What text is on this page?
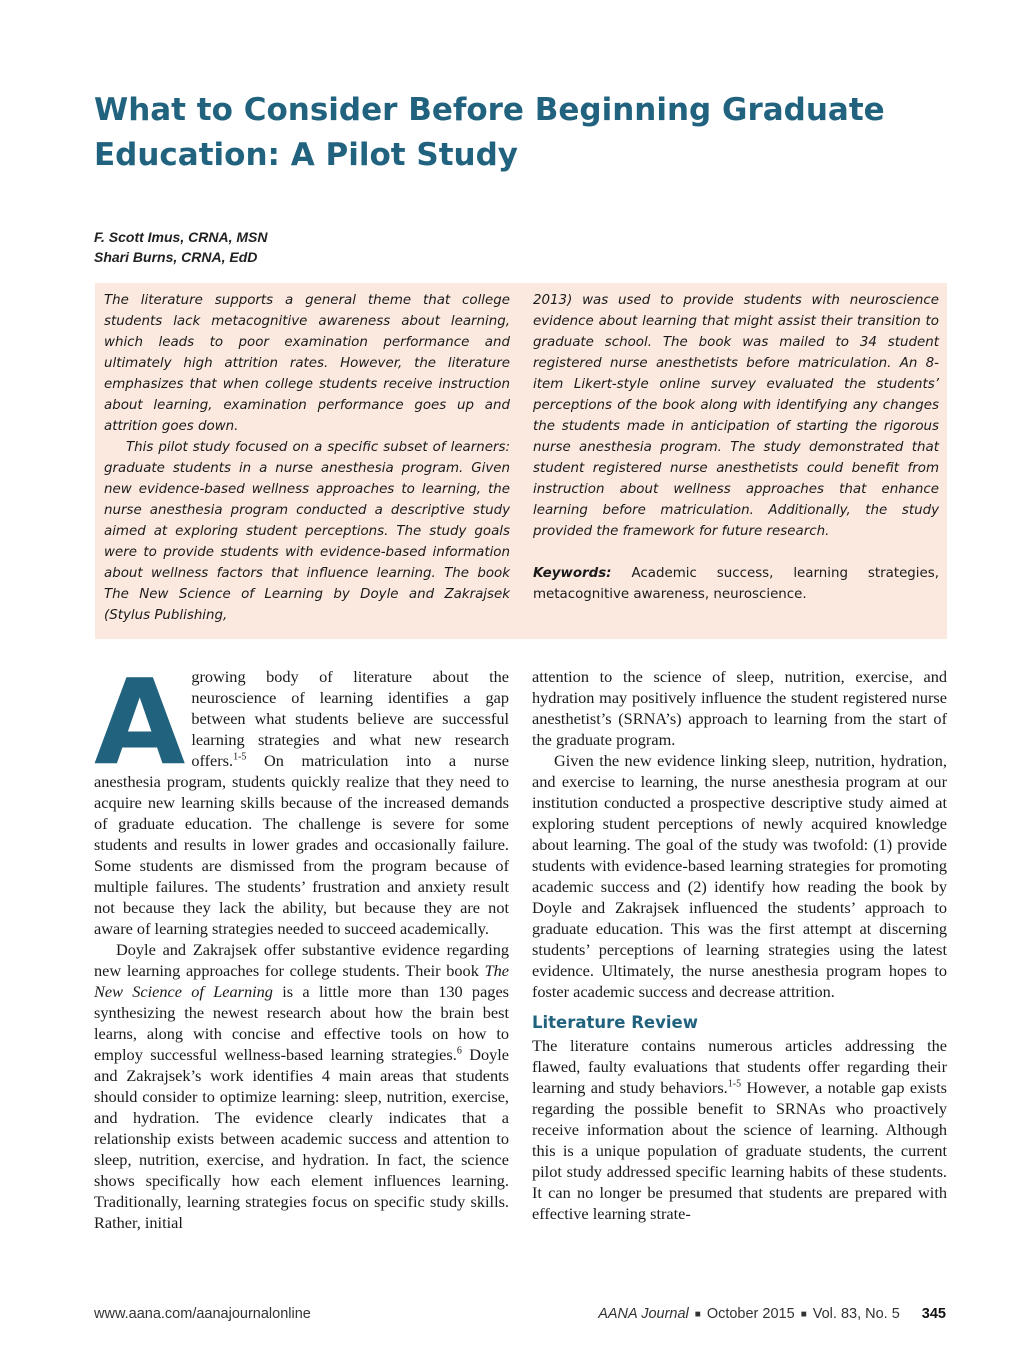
What to Consider Before Beginning Graduate Education: A Pilot Study
F. Scott Imus, CRNA, MSN
Shari Burns, CRNA, EdD

The literature supports a general theme that college students lack metacognitive awareness about learning, which leads to poor examination performance and ultimately high attrition rates. However, the literature emphasizes that when college students receive instruction about learning, examination performance goes up and attrition goes down.

This pilot study focused on a specific subset of learners: graduate students in a nurse anesthesia program. Given new evidence-based wellness approaches to learning, the nurse anesthesia program conducted a descriptive study aimed at exploring student perceptions. The study goals were to provide students with evidence-based information about wellness factors that influence learning. The book The New Science of Learning by Doyle and Zakrajsek (Stylus Publishing,

2013) was used to provide students with neuroscience evidence about learning that might assist their transition to graduate school. The book was mailed to 34 student registered nurse anesthetists before matriculation. An 8-item Likert-style online survey evaluated the students’ perceptions of the book along with identifying any changes the students made in anticipation of starting the rigorous nurse anesthesia program. The study demonstrated that student registered nurse anesthetists could benefit from instruction about wellness approaches that enhance learning before matriculation. Additionally, the study provided the framework for future research.

Keywords: Academic success, learning strategies, metacognitive awareness, neuroscience.

Agrowing body of literature about the neuroscience of learning identifies a gap between what students believe are successful learning strategies and what new research offers.$^{1-5}$ On matriculation into a nurse anesthesia program, students quickly realize that they need to acquire new learning skills because of the increased demands of graduate education. The challenge is severe for some students and results in lower grades and occasionally failure. Some students are dismissed from the program because of multiple failures. The students’ frustration and anxiety result not because they lack the ability, but because they are not aware of learning strategies needed to succeed academically.

Doyle and Zakrajsek offer substantive evidence regarding new learning approaches for college students. Their book The New Science of Learning is a little more than 130 pages synthesizing the newest research about how the brain best learns, along with concise and effective tools on how to employ successful wellness-based learning strategies.$^6$ Doyle and Zakrajsek’s work identifies 4 main areas that students should consider to optimize learning: sleep, nutrition, exercise, and hydration. The evidence clearly indicates that a relationship exists between academic success and attention to sleep, nutrition, exercise, and hydration. In fact, the science shows specifically how each element influences learning. Traditionally, learning strategies focus on specific study skills. Rather, initial

attention to the science of sleep, nutrition, exercise, and hydration may positively influence the student registered nurse anesthetist’s (SRNA’s) approach to learning from the start of the graduate program.

Given the new evidence linking sleep, nutrition, hydration, and exercise to learning, the nurse anesthesia program at our institution conducted a prospective descriptive study aimed at exploring student perceptions of newly acquired knowledge about learning. The goal of the study was twofold: (1) provide students with evidence-based learning strategies for promoting academic success and (2) identify how reading the book by Doyle and Zakrajsek influenced the students’ approach to graduate education. This was the first attempt at discerning students’ perceptions of learning strategies using the latest evidence. Ultimately, the nurse anesthesia program hopes to foster academic success and decrease attrition.

Literature Review

The literature contains numerous articles addressing the flawed, faulty evaluations that students offer regarding their learning and study behaviors.$^{1-5}$ However, a notable gap exists regarding the possible benefit to SRNAs who proactively receive information about the science of learning. Although this is a unique population of graduate students, the current pilot study addressed specific learning habits of these students. It can no longer be presumed that students are prepared with effective learning strate-

www.aana.com/aanajournalonline	AANA Journal ■ October 2015 ■ Vol. 83, No. 5 345
